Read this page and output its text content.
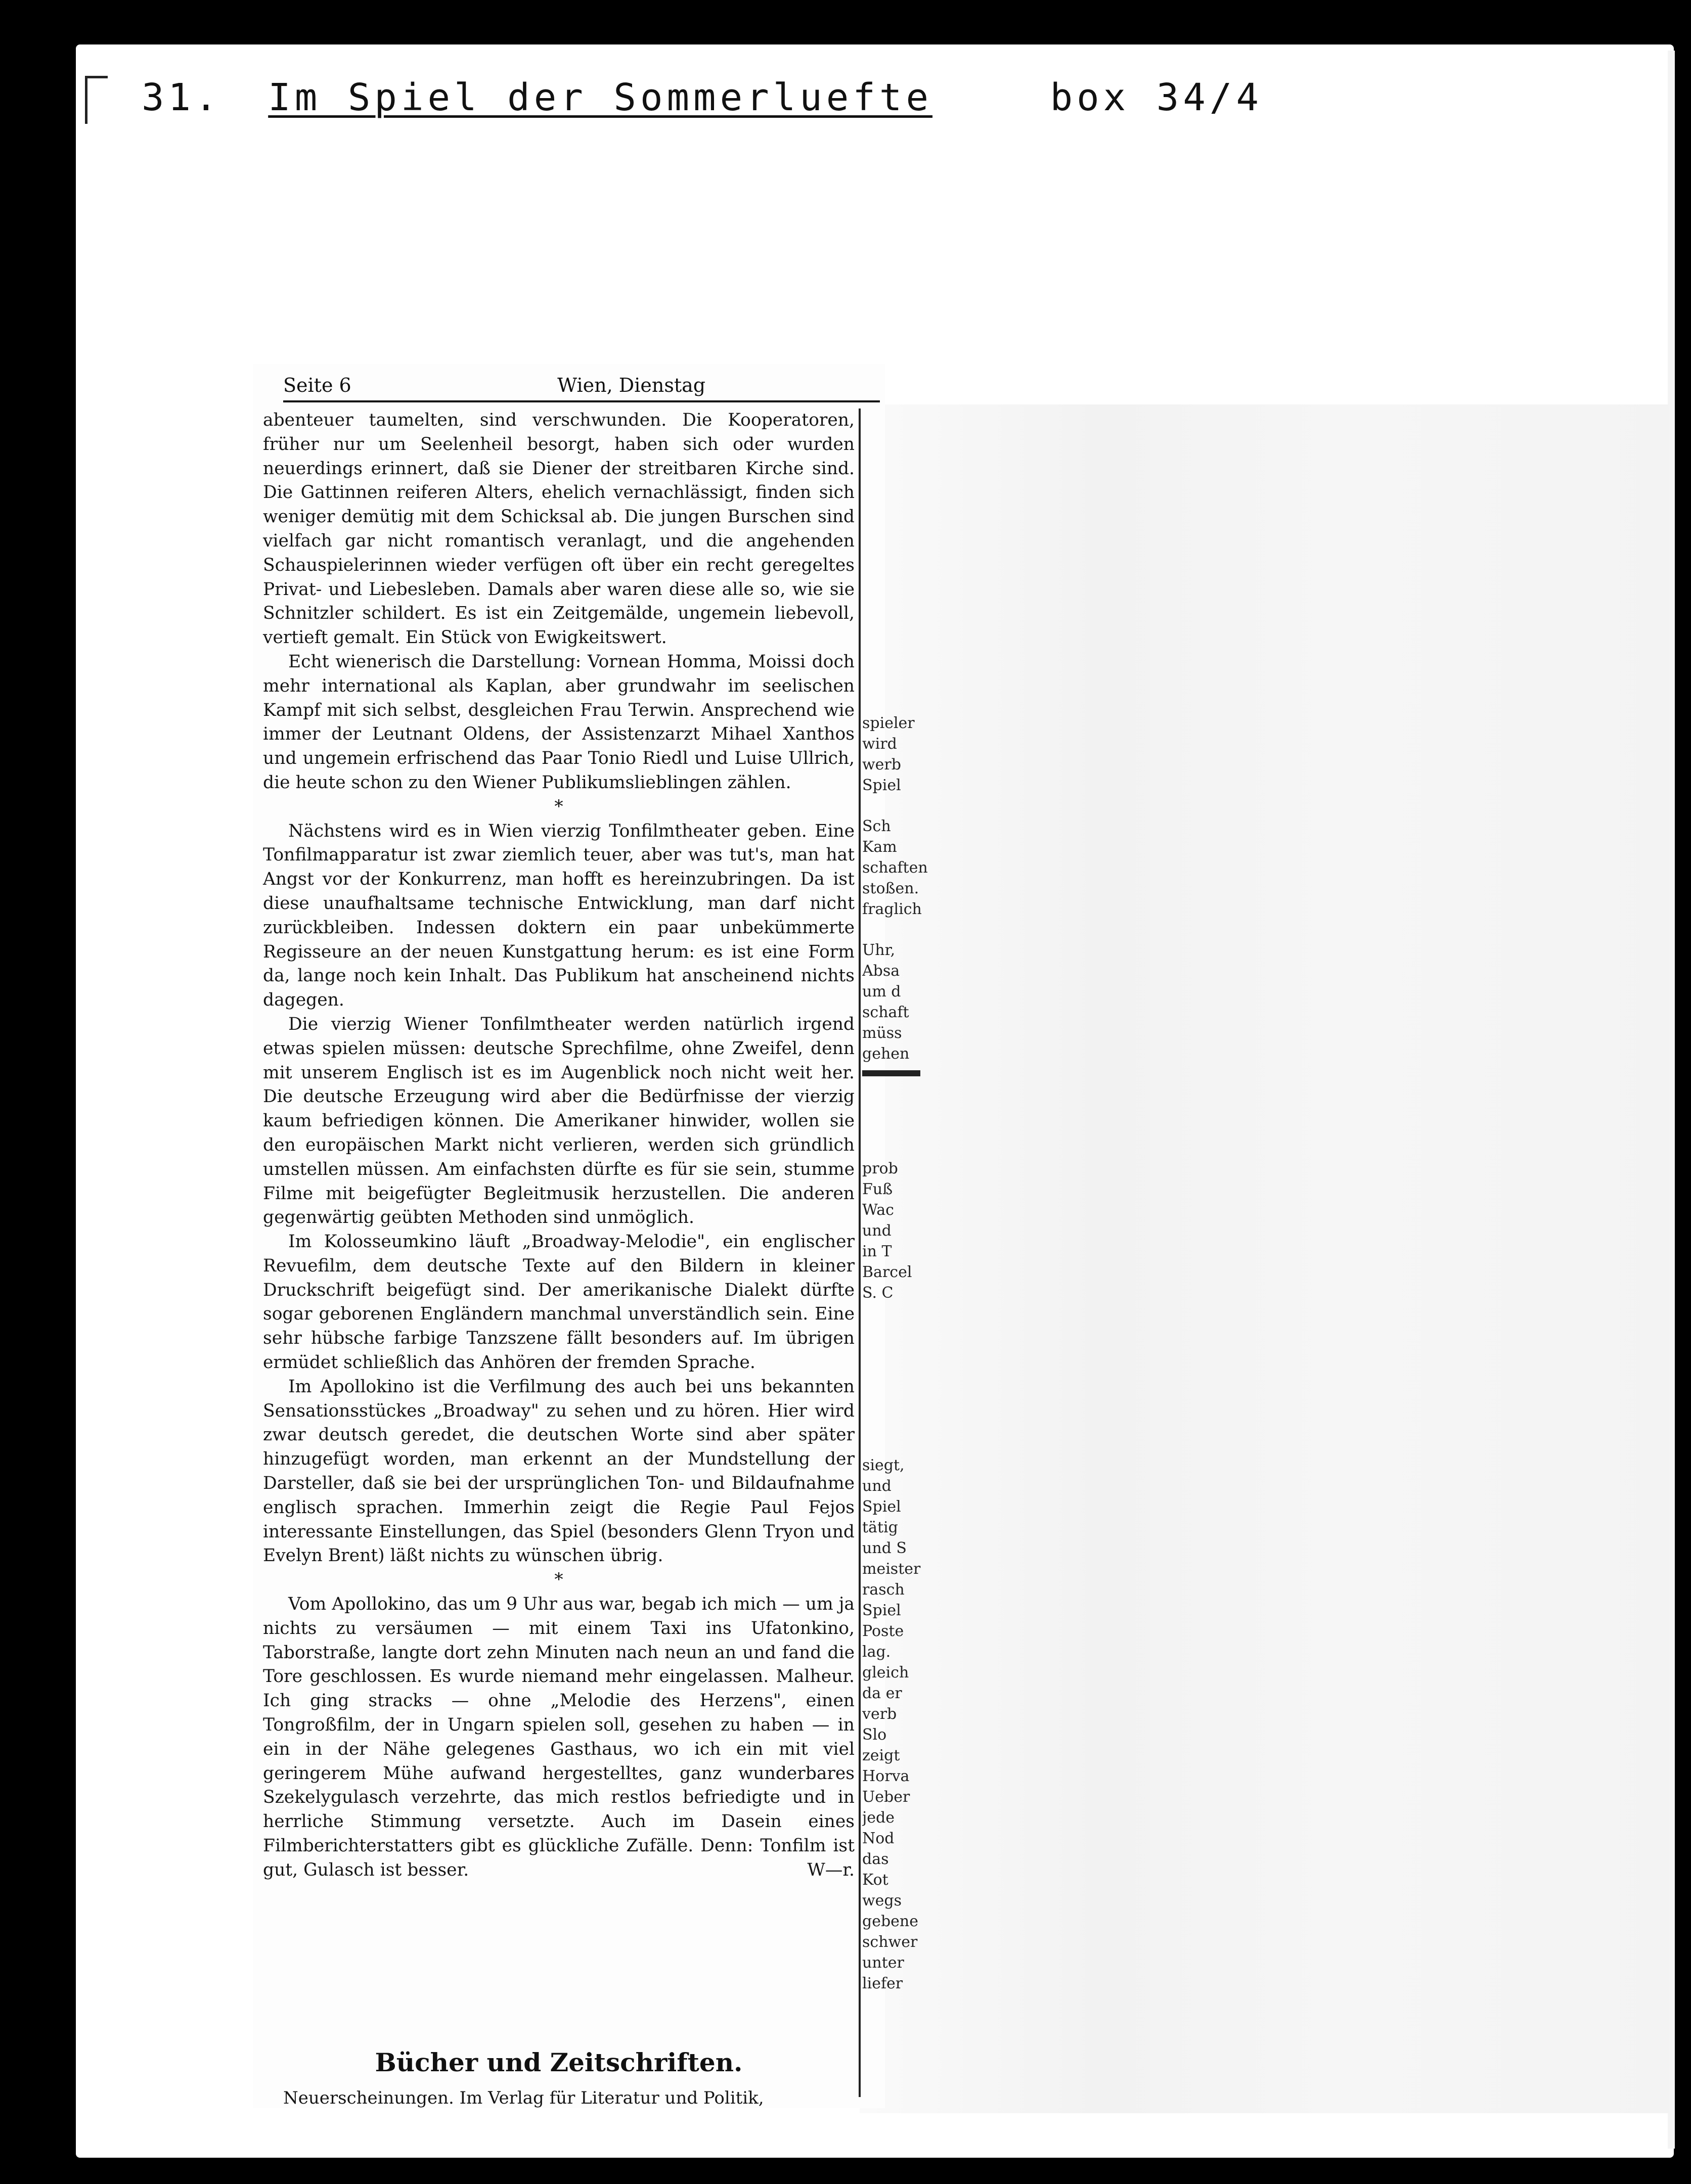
31. Im Spiel der Sommerluefte	box 34/4
Seite 6	Wien, Dienstag

abenteuer taumelten, sind verschwunden. Die Kooperatoren, früher nur um Seelenheil besorgt, haben sich oder wurden neuerdings erinnert, daß sie Diener der streitbaren Kirche sind. Die Gattinnen reiferen Alters, ehelich vernachlässigt, finden sich weniger demütig mit dem Schicksal ab. Die jungen Burschen sind vielfach gar nicht romantisch veranlagt, und die angehenden Schauspielerinnen wieder verfügen oft über ein recht geregeltes Privat- und Liebesleben. Damals aber waren diese alle so, wie sie Schnitzler schildert. Es ist ein Zeitgemälde, ungemein liebevoll, vertieft gemalt. Ein Stück von Ewigkeitswert.

Echt wienerisch die Darstellung: Vornean Homma, Moissi doch mehr international als Kaplan, aber grundwahr im seelischen Kampf mit sich selbst, desgleichen Frau Terwin. Ansprechend wie immer der Leutnant Oldens, der Assistenzarzt Mihael Xanthos und ungemein erfrischend das Paar Tonio Riedl und Luise Ullrich, die heute schon zu den Wiener Publikumslieblingen zählen.

*

Nächstens wird es in Wien vierzig Tonfilmtheater geben. Eine Tonfilmapparatur ist zwar ziemlich teuer, aber was tut's, man hat Angst vor der Konkurrenz, man hofft es hereinzubringen. Da ist diese unaufhaltsame technische Entwicklung, man darf nicht zurückbleiben. Indessen doktern ein paar unbekümmerte Regisseure an der neuen Kunstgattung herum: es ist eine Form da, lange noch kein Inhalt. Das Publikum hat anscheinend nichts dagegen.

Die vierzig Wiener Tonfilmtheater werden natürlich irgend etwas spielen müssen: deutsche Sprechfilme, ohne Zweifel, denn mit unserem Englisch ist es im Augenblick noch nicht weit her. Die deutsche Erzeugung wird aber die Bedürfnisse der vierzig kaum befriedigen können. Die Amerikaner hinwider, wollen sie den europäischen Markt nicht verlieren, werden sich gründlich umstellen müssen. Am einfachsten dürfte es für sie sein, stumme Filme mit beigefügter Begleitmusik herzustellen. Die anderen gegenwärtig geübten Methoden sind unmöglich.

Im Kolosseumkino läuft „Broadway-Melodie", ein englischer Revuefilm, dem deutsche Texte auf den Bildern in kleiner Druckschrift beigefügt sind. Der amerikanische Dialekt dürfte sogar geborenen Engländern manchmal unverständlich sein. Eine sehr hübsche farbige Tanzszene fällt besonders auf. Im übrigen ermüdet schließlich das Anhören der fremden Sprache.

Im Apollokino ist die Verfilmung des auch bei uns bekannten Sensationsstückes „Broadway" zu sehen und zu hören. Hier wird zwar deutsch geredet, die deutschen Worte sind aber später hinzugefügt worden, man erkennt an der Mundstellung der Darsteller, daß sie bei der ursprünglichen Ton- und Bildaufnahme englisch sprachen. Immerhin zeigt die Regie Paul Fejos interessante Einstellungen, das Spiel (besonders Glenn Tryon und Evelyn Brent) läßt nichts zu wünschen übrig.

*

Vom Apollokino, das um 9 Uhr aus war, begab ich mich — um ja nichts zu versäumen — mit einem Taxi ins Ufatonkino, Taborstraße, langte dort zehn Minuten nach neun an und fand die Tore geschlossen. Es wurde niemand mehr eingelassen. Malheur. Ich ging stracks — ohne „Melodie des Herzens", einen Tongroßfilm, der in Ungarn spielen soll, gesehen zu haben — in ein in der Nähe gelegenes Gasthaus, wo ich ein mit viel geringerem Mühe aufwand hergestelltes, ganz wunderbares Szekelygulasch verzehrte, das mich restlos befriedigte und in herrliche Stimmung versetzte. Auch im Dasein eines Filmberichterstatters gibt es glückliche Zufälle. Denn: Tonfilm ist gut, Gulasch ist besser.	W—r.

Bücher und Zeitschriften.
Neuerscheinungen. Im Verlag für Literatur und Politik,
spieler
wird
werb
Spiel
Sch
Kam
schaften
stoßen.
fraglich
Uhr,
Absa
um d
schaft
müss
gehen
prob
Fuß
Wac
und
in T
Barcel
S. C
siegt,
und
Spiel
tätig
und S
meister
rasch
Spiel
Poste
lag.
gleich
da er
verb
Slo
zeigt
Horva
Ueber
jede
Nod
das
Kot
wegs
gebene
schwer
unter
liefer
